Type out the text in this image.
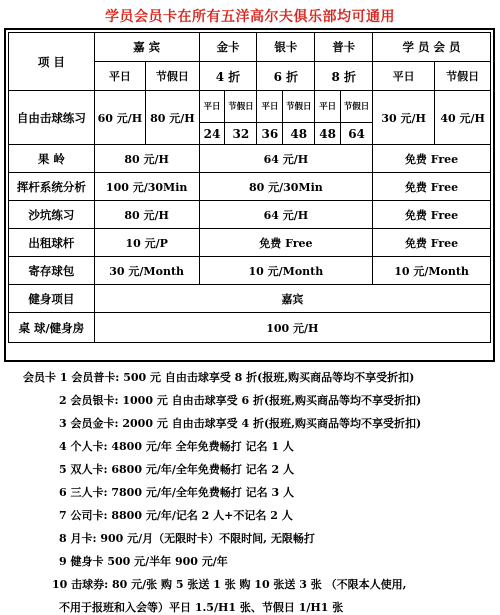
学员会员卡在所有五洋高尔夫俱乐部均可通用
项 目	嘉 宾		金卡		银卡		普卡		学 员 会 员	
	平日	节假日	4 折		6 折		8 折		平日	节假日
自由击球练习	60 元/H	80 元/H	平日	节假日	平日	节假日	平日	节假日	30 元/H	40 元/H
			24	32	36	48	48	64		
果 岭	80 元/H		64 元/H						免费 Free	
挥杆系统分析	100 元/30Min		80 元/30Min						免费 Free	
沙坑练习	80 元/H		64 元/H						免费 Free	
出租球杆	10 元/P		免费 Free						免费 Free	
寄存球包	30 元/Month		10 元/Month						10 元/Month	
健身项目	嘉宾									
桌 球/健身房	100 元/H									
会员卡 1 会员普卡: 500 元 自由击球享受 8 折(报班,购买商品等均不享受折扣)
2 会员银卡: 1000 元 自由击球享受 6 折(报班,购买商品等均不享受折扣)
3 会员金卡: 2000 元 自由击球享受 4 折(报班,购买商品等均不享受折扣)
4 个人卡: 4800 元/年 全年免费畅打 记名 1 人
5 双人卡: 6800 元/年/全年免费畅打 记名 2 人
6 三人卡: 7800 元/年/全年免费畅打 记名 3 人
7 公司卡: 8800 元/年/记名 2 人+不记名 2 人
8 月卡: 900 元/月（无限时卡）不限时间, 无限畅打
9 健身卡 500 元/半年 900 元/年
10 击球券: 80 元/张 购 5 张送 1 张 购 10 张送 3 张 （不限本人使用,
不用于报班和入会等）平日 1.5/H1 张、节假日 1/H1 张
